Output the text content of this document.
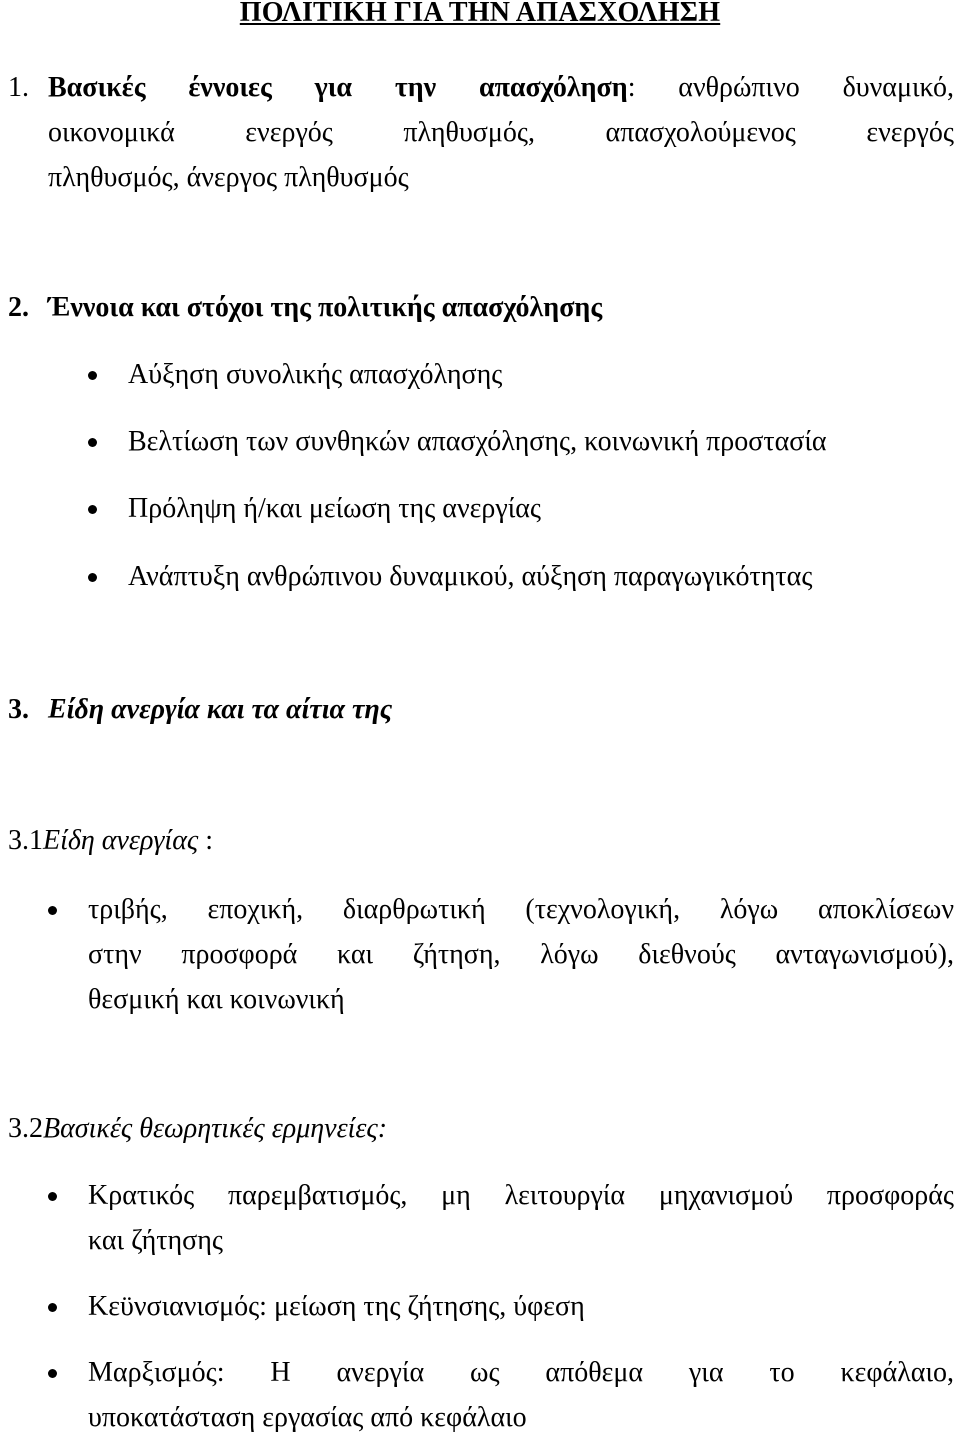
ΠΟΛΙΤΙΚΗ ΓΙΑ ΤΗΝ ΑΠΑΣΧΟΛΗΣΗ
1. Βασικές έννοιες για την απασχόληση: ανθρώπινο δυναμικό,
οικονομικά ενεργός πληθυσμός, απασχολούμενος ενεργός
πληθυσμός, άνεργος πληθυσμός
2. Έννοια και στόχοι της πολιτικής απασχόλησης
Αύξηση συνολικής απασχόλησης
Βελτίωση των συνθηκών απασχόλησης, κοινωνική προστασία
Πρόληψη ή/και μείωση της ανεργίας
Ανάπτυξη ανθρώπινου δυναμικού, αύξηση παραγωγικότητας
3. Είδη ανεργία και τα αίτια της
3.1Είδη ανεργίας :
τριβής, εποχική, διαρθρωτική (τεχνολογική, λόγω αποκλίσεων
στην προσφορά και ζήτηση, λόγω διεθνούς ανταγωνισμού),
θεσμική και κοινωνική
3.2Βασικές θεωρητικές ερμηνείες:
Κρατικός παρεμβατισμός, μη λειτουργία μηχανισμού προσφοράς
και ζήτησης
Κεϋνσιανισμός: μείωση της ζήτησης, ύφεση
Μαρξισμός: Η ανεργία ως απόθεμα για το κεφάλαιο,
υποκατάσταση εργασίας από κεφάλαιο
